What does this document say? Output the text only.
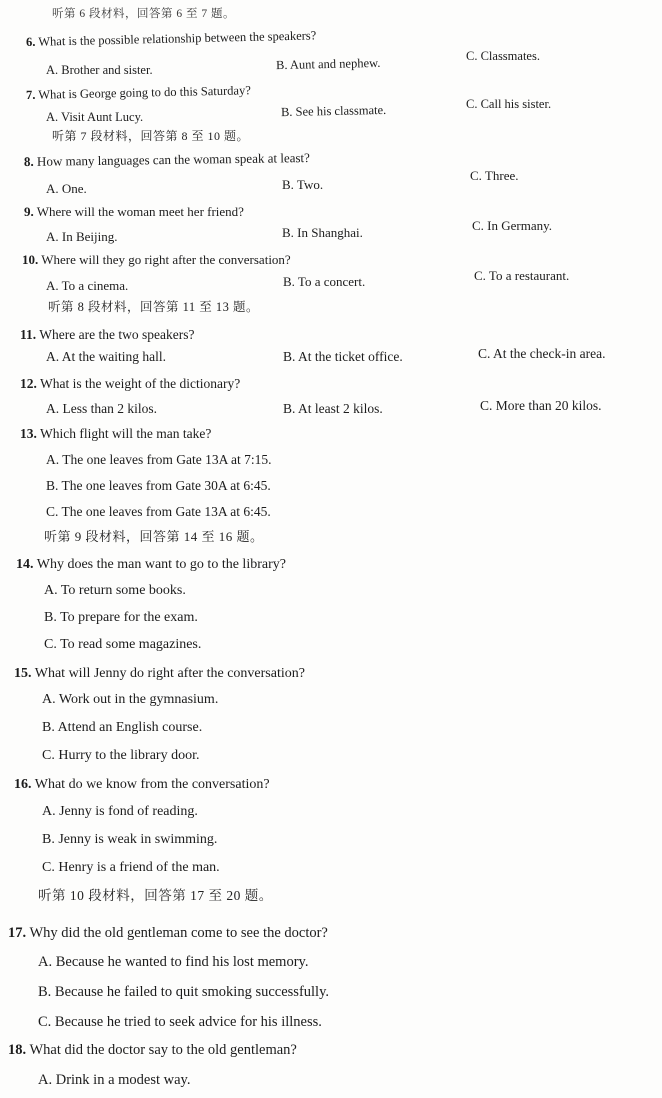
听第 6 段材料，回答第 6 至 7 题。
6. What is the possible relationship between the speakers?
A. Brother and sister.	B. Aunt and nephew.	C. Classmates.
7. What is George going to do this Saturday?
A. Visit Aunt Lucy.	B. See his classmate.	C. Call his sister.
听第 7 段材料，回答第 8 至 10 题。
8. How many languages can the woman speak at least?
A. One.	B. Two.
C. Three.
9. Where will the woman meet her friend?
A. In Beijing.	B. In Shanghai.	C. In Germany.
10. Where will they go right after the conversation?
A. To a cinema.	B. To a concert.	C. To a restaurant.
听第 8 段材料，回答第 11 至 13 题。
11. Where are the two speakers?
A. At the waiting hall.	B. At the ticket office.	C. At the check-in area.
12. What is the weight of the dictionary?
A. Less than 2 kilos.	B. At least 2 kilos.	C. More than 20 kilos.
13. Which flight will the man take?
A. The one leaves from Gate 13A at 7:15.
B. The one leaves from Gate 30A at 6:45.
C. The one leaves from Gate 13A at 6:45.
听第 9 段材料，回答第 14 至 16 题。
14. Why does the man want to go to the library?
A. To return some books.
B. To prepare for the exam.
C. To read some magazines.
15. What will Jenny do right after the conversation?
A. Work out in the gymnasium.
B. Attend an English course.
C. Hurry to the library door.
16. What do we know from the conversation?
A. Jenny is fond of reading.
B. Jenny is weak in swimming.
C. Henry is a friend of the man.
听第 10 段材料，回答第 17 至 20 题。
17. Why did the old gentleman come to see the doctor?
A. Because he wanted to find his lost memory.
B. Because he failed to quit smoking successfully.
C. Because he tried to seek advice for his illness.
18. What did the doctor say to the old gentleman?
A. Drink in a modest way.
